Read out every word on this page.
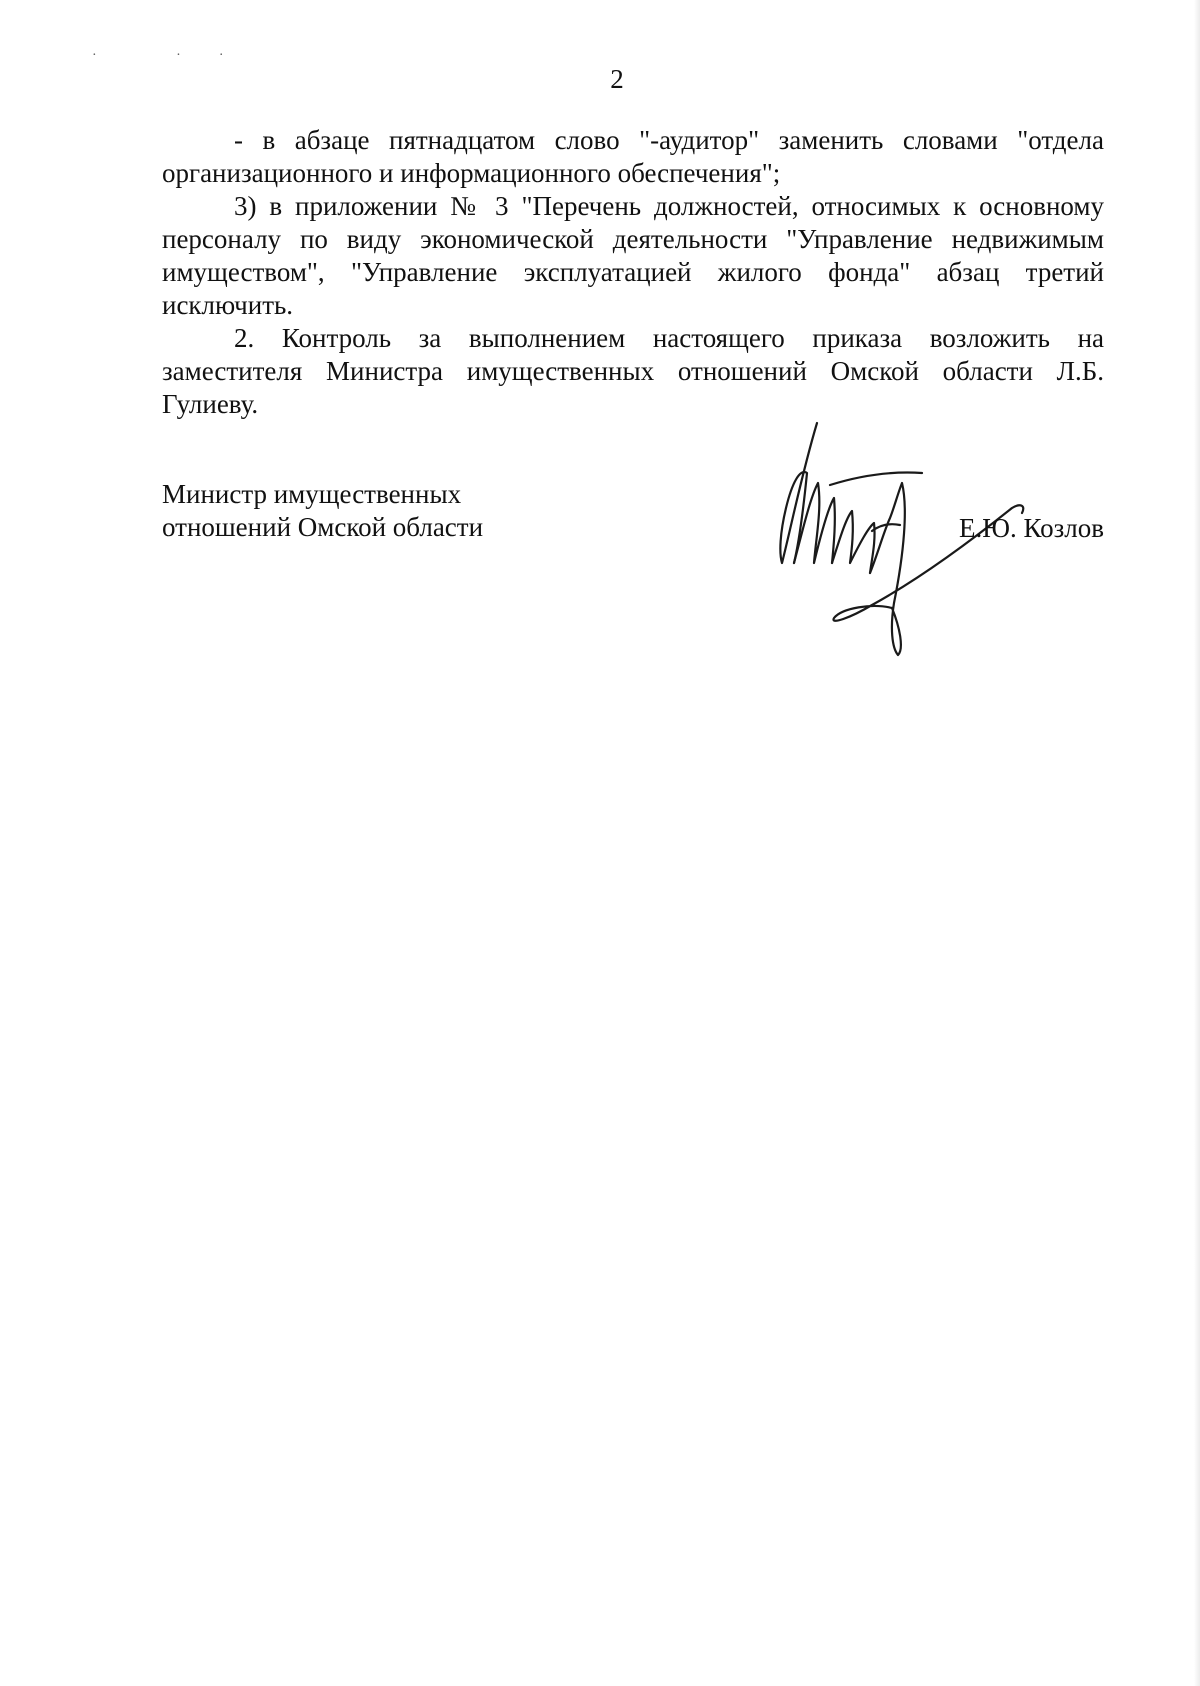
· ··
2

- в абзаце пятнадцатом слово "-аудитор" заменить словами "отдела организационного и информационного обеспечения";

3) в приложении № 3 "Перечень должностей, относимых к основному персоналу по виду экономической деятельности "Управление недвижимым имуществом", "Управление эксплуатацией жилого фонда" абзац третий исключить.

2. Контроль за выполнением настоящего приказа возложить на заместителя Министра имущественных отношений Омской области Л.Б. Гулиеву.

Министр имущественных
отношений Омской области	Е.Ю. Козлов
